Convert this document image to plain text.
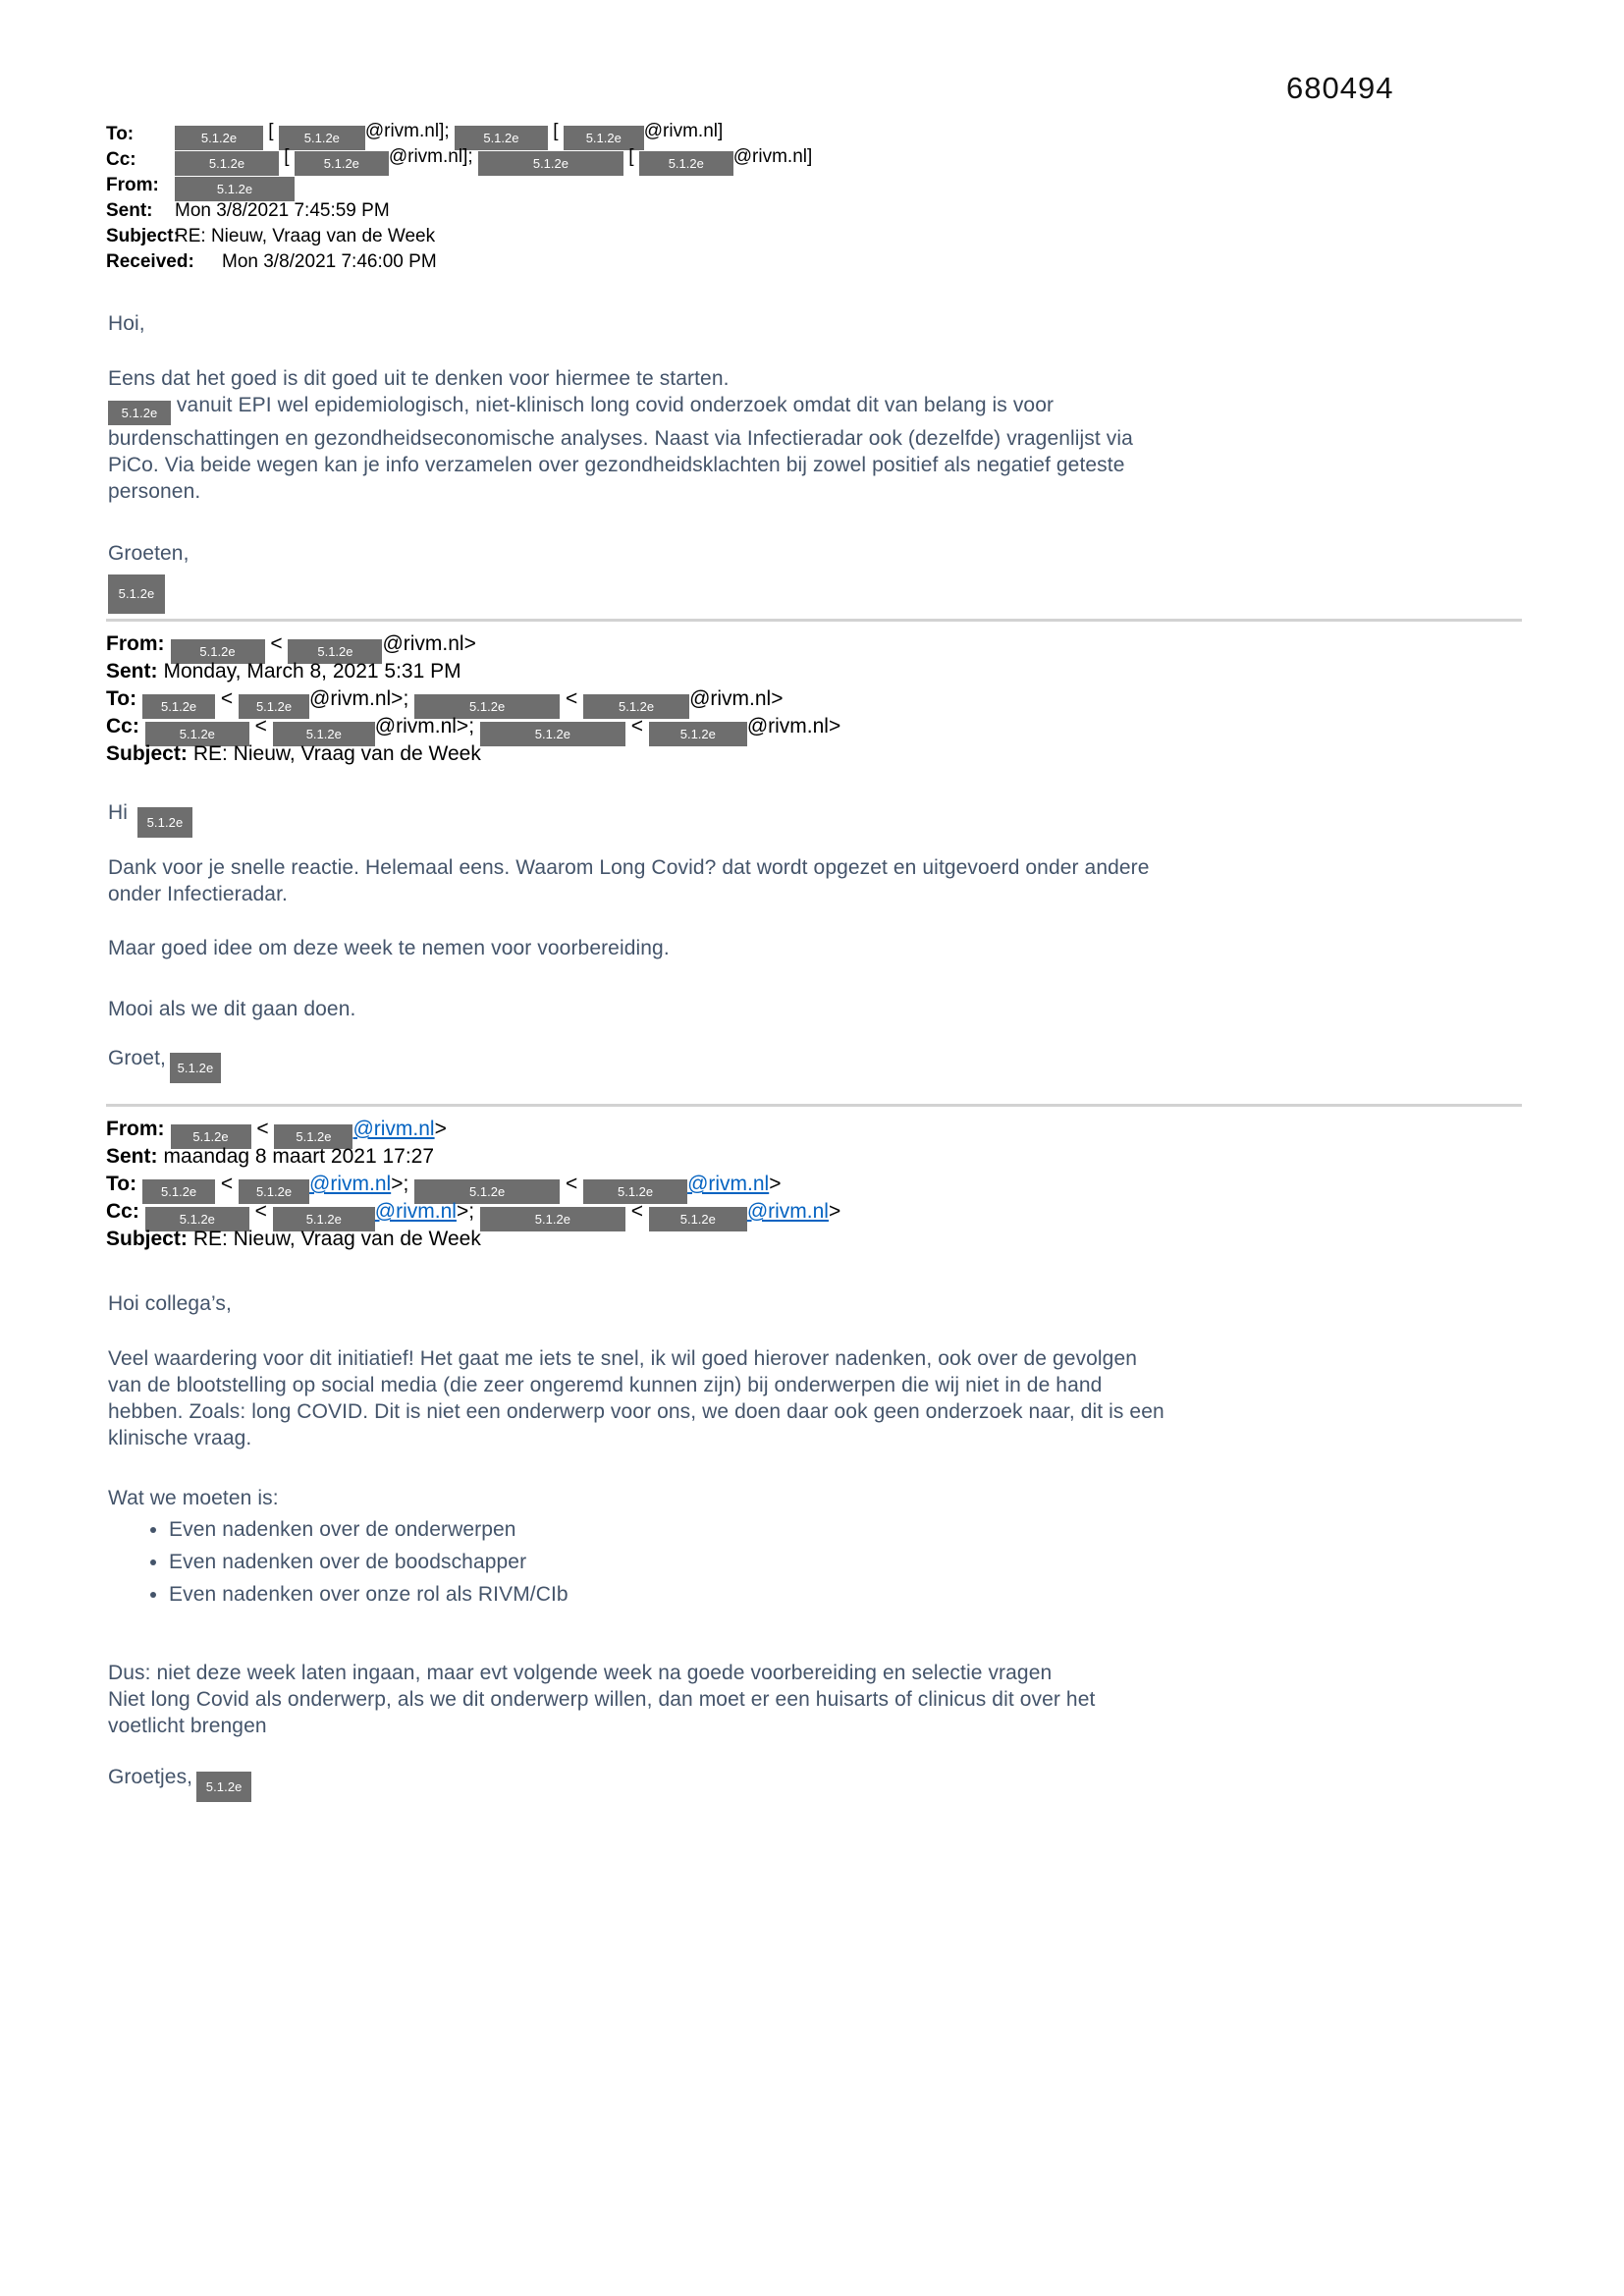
680494
To:	5.1.2e [ 5.1.2e @rivm.nl]; 5.1.2e [ 5.1.2e @rivm.nl]
Cc:	5.1.2e [ 5.1.2e @rivm.nl];	5.1.2e	[ 5.1.2e @rivm.nl]
From:	5.1.2e
Sent:	Mon 3/8/2021 7:45:59 PM
Subject:
RE: Nieuw, Vraag van de Week
Received: Mon 3/8/2021 7:46:00 PM

Hoi,

Eens dat het goed is dit goed uit te denken voor hiermee te starten.
5.1.2e vanuit EPI wel epidemiologisch, niet-klinisch long covid onderzoek omdat dit van belang is voor
burdenschattingen en gezondheidseconomische analyses. Naast via Infectieradar ook (dezelfde) vragenlijst via
PiCo. Via beide wegen kan je info verzamelen over gezondheidsklachten bij zowel positief als negatief geteste
personen.

Groeten,
5.1.2e
From:	5.1.2e < 5.1.2e @rivm.nl>
Sent: Monday, March 8, 2021 5:31 PM
To: 5.1.2e < 5.1.2e @rivm.nl>;	5.1.2e	<	5.1.2e @rivm.nl>
Cc:	5.1.2e <	5.1.2e @rivm.nl>;	5.1.2e	< 5.1.2e @rivm.nl>
Subject: RE: Nieuw, Vraag van de Week

Hi 5.1.2e

Dank voor je snelle reactie. Helemaal eens. Waarom Long Covid? dat wordt opgezet en uitgevoerd onder andere
onder Infectieradar.

Maar goed idee om deze week te nemen voor voorbereiding.

Mooi als we dit gaan doen.

Groet, 5.1.2e

From: 5.1.2e < 5.1.2e @rivm.nl>
Sent: maandag 8 maart 2021 17:27
To: 5.1.2e < 5.1.2e @rivm.nl>;	5.1.2e	<	5.1.2e @rivm.nl>
Cc:	5.1.2e <	5.1.2e @rivm.nl>;	5.1.2e	< 5.1.2e @rivm.nl>
Subject: RE: Nieuw, Vraag van de Week

Hoi collega’s,

Veel waardering voor dit initiatief! Het gaat me iets te snel, ik wil goed hierover nadenken, ook over de gevolgen
van de blootstelling op social media (die zeer ongeremd kunnen zijn) bij onderwerpen die wij niet in de hand
hebben. Zoals: long COVID. Dit is niet een onderwerp voor ons, we doen daar ook geen onderzoek naar, dit is een
klinische vraag.

Wat we moeten is:

• Even nadenken over de onderwerpen
• Even nadenken over de boodschapper
• Even nadenken over onze rol als RIVM/CIb

Dus: niet deze week laten ingaan, maar evt volgende week na goede voorbereiding en selectie vragen
Niet long Covid als onderwerp, als we dit onderwerp willen, dan moet er een huisarts of clinicus dit over het
voetlicht brengen

Groetjes, 5.1.2e
